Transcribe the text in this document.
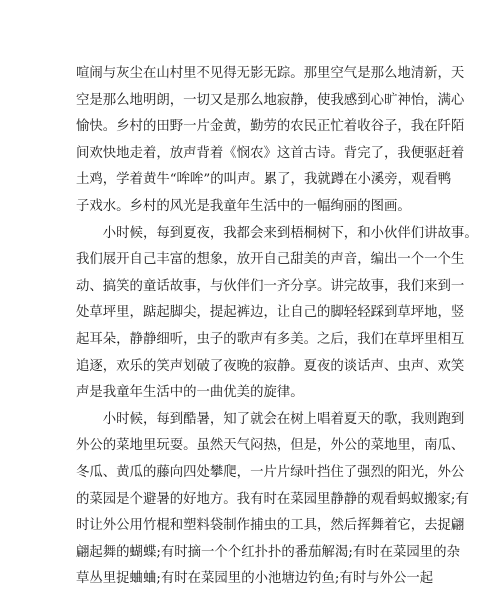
喧闹与灰尘在山村里不见得无影无踪。那里空气是那么地清新，天
空是那么地明朗，一切又是那么地寂静，使我感到心旷神怡，满心
愉快。乡村的田野一片金黄，勤劳的农民正忙着收谷子，我在阡陌
间欢快地走着，放声背着《悯农》这首古诗。背完了，我便驱赶着
土鸡，学着黄牛“哞哞”的叫声。累了，我就蹲在小溪旁，观看鸭
子戏水。乡村的风光是我童年生活中的一幅绚丽的图画。
　　小时候，每到夏夜，我都会来到梧桐树下，和小伙伴们讲故事。
我们展开自己丰富的想象，放开自己甜美的声音，编出一个一个生
动、搞笑的童话故事，与伙伴们一齐分享。讲完故事，我们来到一
处草坪里，踮起脚尖，提起裤边，让自己的脚轻轻踩到草坪地，竖
起耳朵，静静细听，虫子的歌声有多美。之后，我们在草坪里相互
追逐，欢乐的笑声划破了夜晚的寂静。夏夜的谈话声、虫声、欢笑
声是我童年生活中的一曲优美的旋律。
　　小时候，每到酷暑，知了就会在树上唱着夏天的歌，我则跑到
外公的菜地里玩耍。虽然天气闷热，但是，外公的菜地里，南瓜、
冬瓜、黄瓜的藤向四处攀爬，一片片绿叶挡住了强烈的阳光，外公
的菜园是个避暑的好地方。我有时在菜园里静静的观看蚂蚁搬家;有
时让外公用竹棍和塑料袋制作捕虫的工具，然后挥舞着它，去捉翩
翩起舞的蝴蝶;有时摘一个个红扑扑的番茄解渴;有时在菜园里的杂
草丛里捉蛐蛐;有时在菜园里的小池塘边钓鱼;有时与外公一起
